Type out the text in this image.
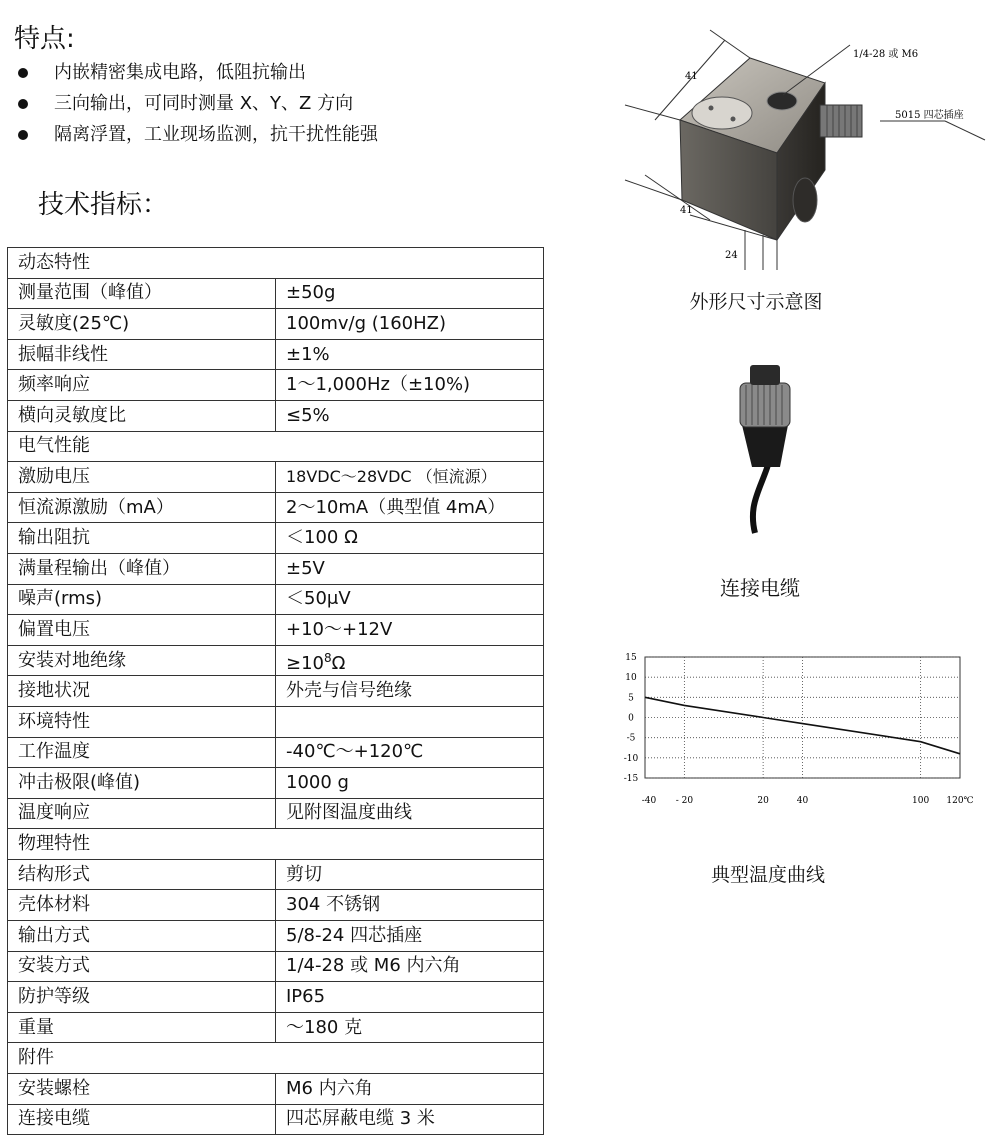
特点:
内嵌精密集成电路，低阻抗输出
三向输出，可同时测量 X、Y、Z 方向
隔离浮置，工业现场监测，抗干扰性能强
技术指标：
动态特性	
测量范围（峰值）	±50g
灵敏度(25℃)	100mv/g (160HZ)
振幅非线性	±1%
频率响应	1～1,000Hz（±10%)
横向灵敏度比	≤5%
电气性能	
激励电压	18VDC～28VDC （恒流源）
恒流源激励（mA）	2～10mA（典型值 4mA）
输出阻抗	＜100 Ω
满量程输出（峰值）	±5V
噪声(rms)	＜50μV
偏置电压	+10～+12V
安装对地绝缘	$\ge 10^8\Omega$
接地状况	外壳与信号绝缘
环境特性	
工作温度	-40℃～+120℃
冲击极限(峰值)	1000 g
温度响应	见附图温度曲线
物理特性	
结构形式	剪切
壳体材料	304 不锈钢
输出方式	5/8-24 四芯插座
安装方式	1/4-28 或 M6 内六角
防护等级	IP65
重量	～180 克
附件	
安装螺栓	M6 内六角
连接电缆	四芯屏蔽电缆 3 米
41
41
24
1/4-28 或 M6
5015 四芯插座
外形尺寸示意图
连接电缆
15
10
5
0
-5
-10
-15
-40 - 20	20	40	100 120℃
典型温度曲线
